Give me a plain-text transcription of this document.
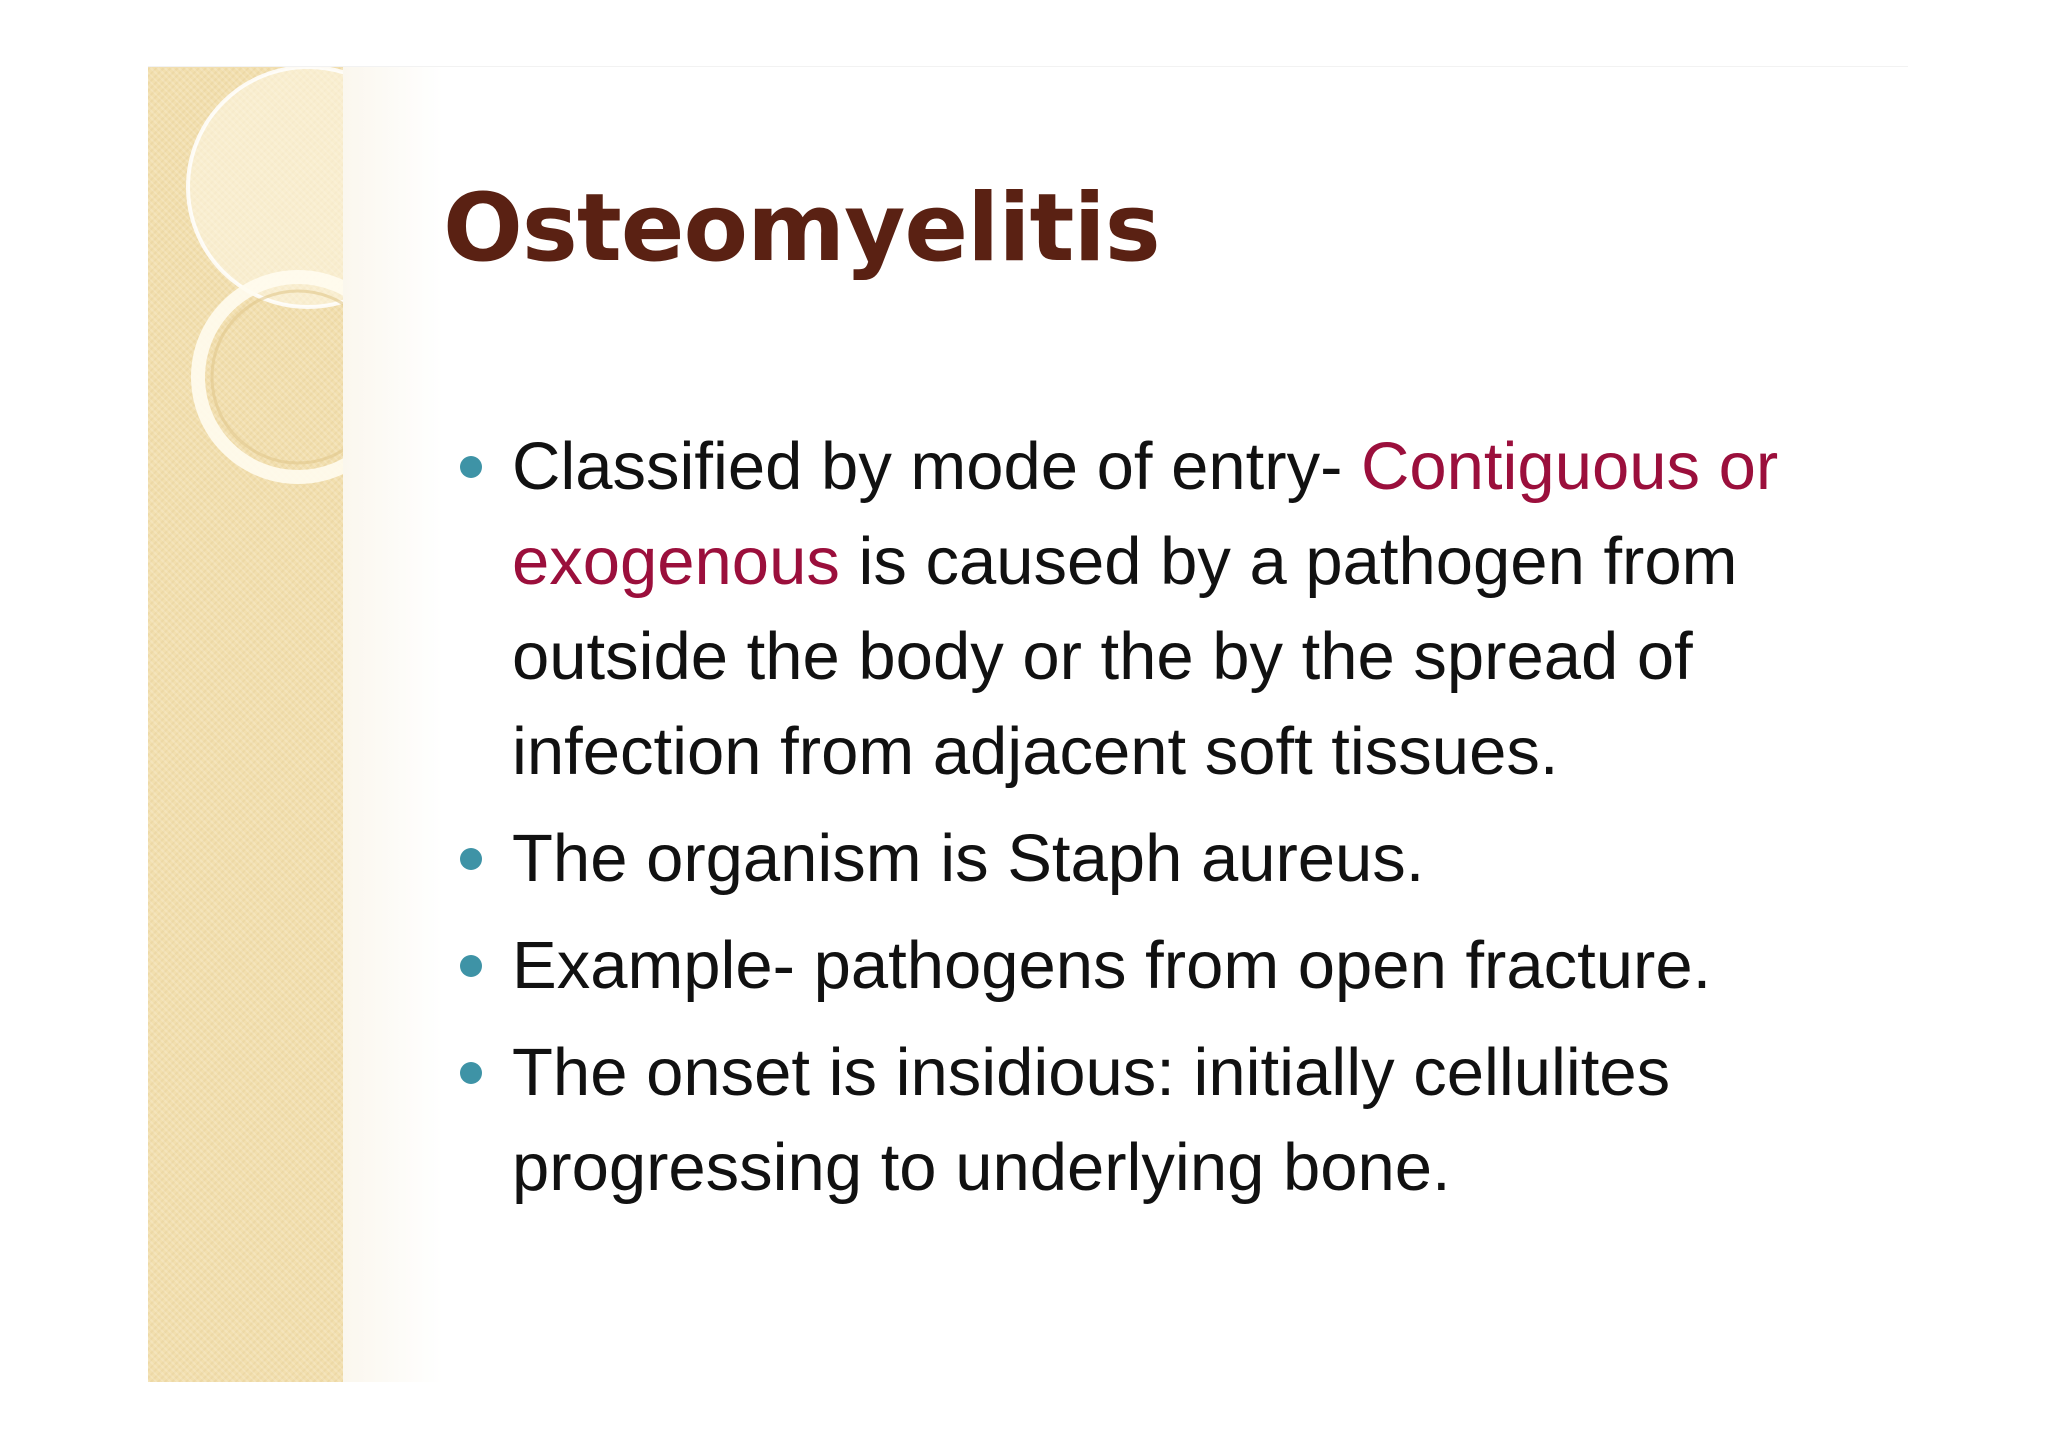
Osteomyelitis
Classified by mode of entry- Contiguous or exogenous is caused by a pathogen from outside the body or the by the spread of infection from adjacent soft tissues.
The organism is Staph aureus.
Example- pathogens from open fracture.
The onset is insidious: initially cellulites progressing to underlying bone.
